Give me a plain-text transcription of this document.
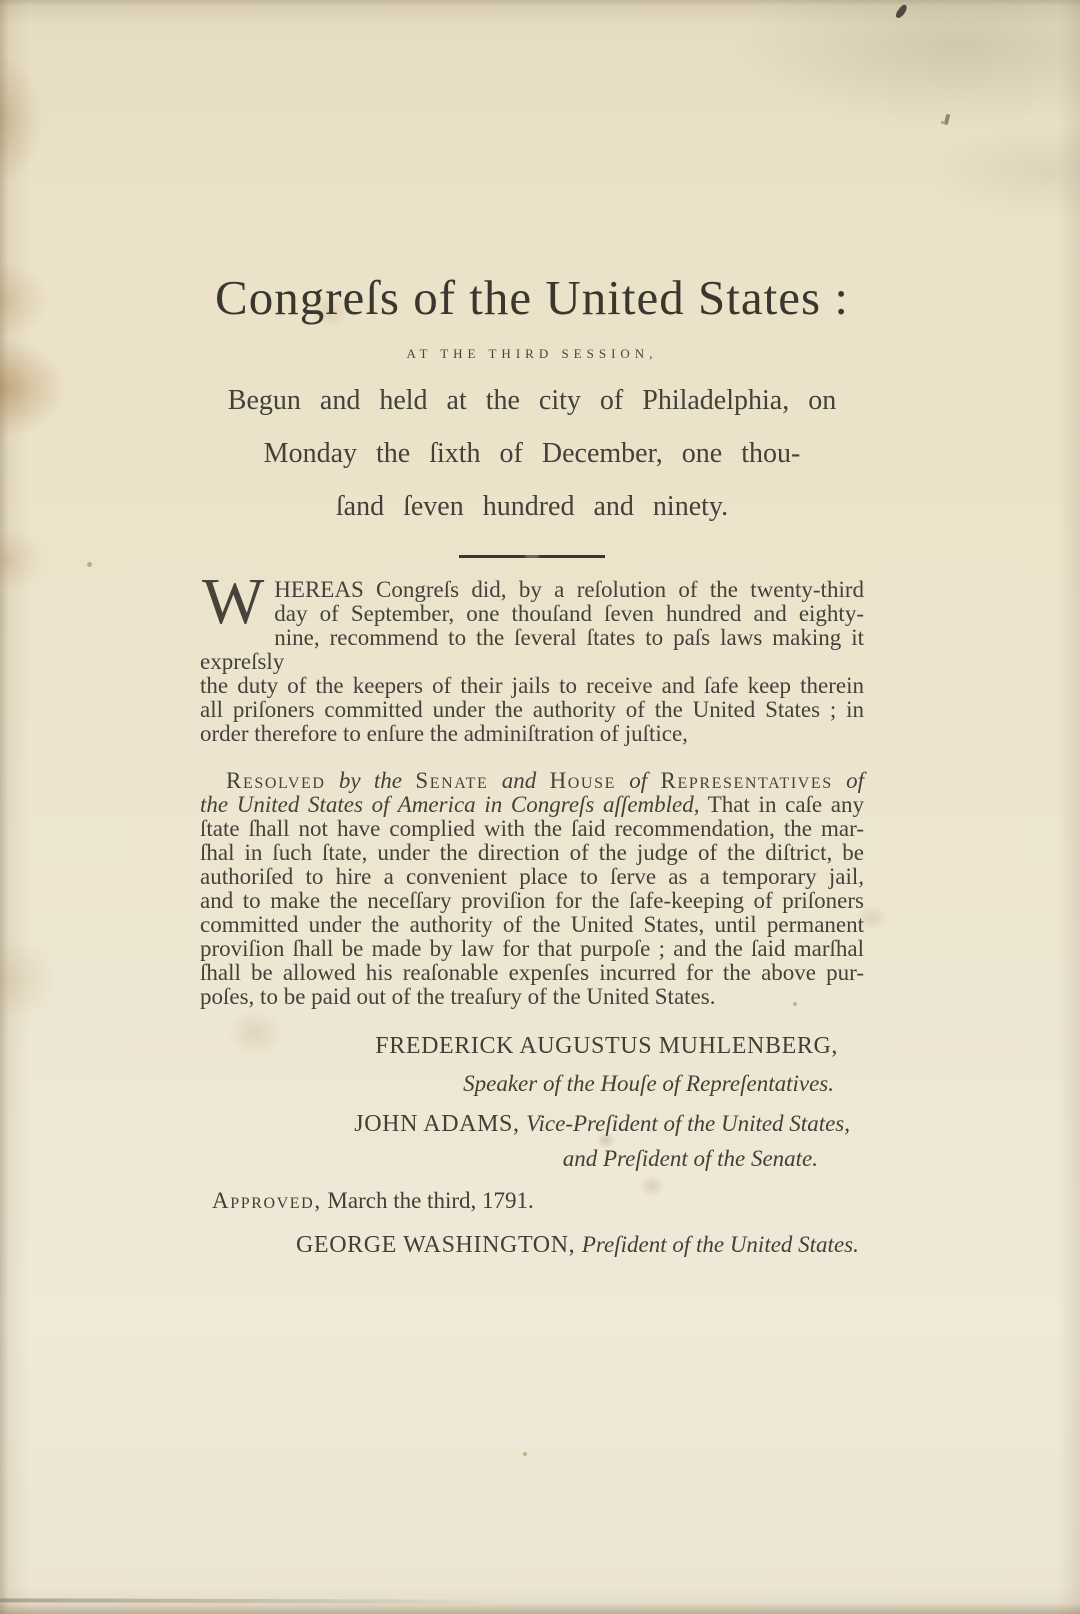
Congreſs of the United States :
AT THE THIRD SESSION,
Begun and held at the city of Philadelphia, on
Monday the ſixth of December, one thou-
ſand ſeven hundred and ninety.
W HEREAS Congreſs did, by a reſolution of the twenty-third
day of September, one thouſand ſeven hundred and eighty-
nine, recommend to the ſeveral ſtates to paſs laws making it expreſsly
the duty of the keepers of their jails to receive and ſafe keep therein
all priſoners committed under the authority of the United States ; in
order therefore to enſure the adminiſtration of juſtice,
Resolved by the Senate and House of Representatives of
the United States of America in Congreſs aſſembled, That in caſe any
ſtate ſhall not have complied with the ſaid recommendation, the mar-
ſhal in ſuch ſtate, under the direction of the judge of the diſtrict, be
authoriſed to hire a convenient place to ſerve as a temporary jail,
and to make the neceſſary proviſion for the ſafe-keeping of priſoners
committed under the authority of the United States, until permanent
proviſion ſhall be made by law for that purpoſe ; and the ſaid marſhal
ſhall be allowed his reaſonable expenſes incurred for the above pur-
poſes, to be paid out of the treaſury of the United States.
FREDERICK AUGUSTUS MUHLENBERG,
Speaker of the Houſe of Repreſentatives.
JOHN ADAMS, Vice-Preſident of the United States,
and Preſident of the Senate.
Approved, March the third, 1791.
GEORGE WASHINGTON, Preſident of the United States.
